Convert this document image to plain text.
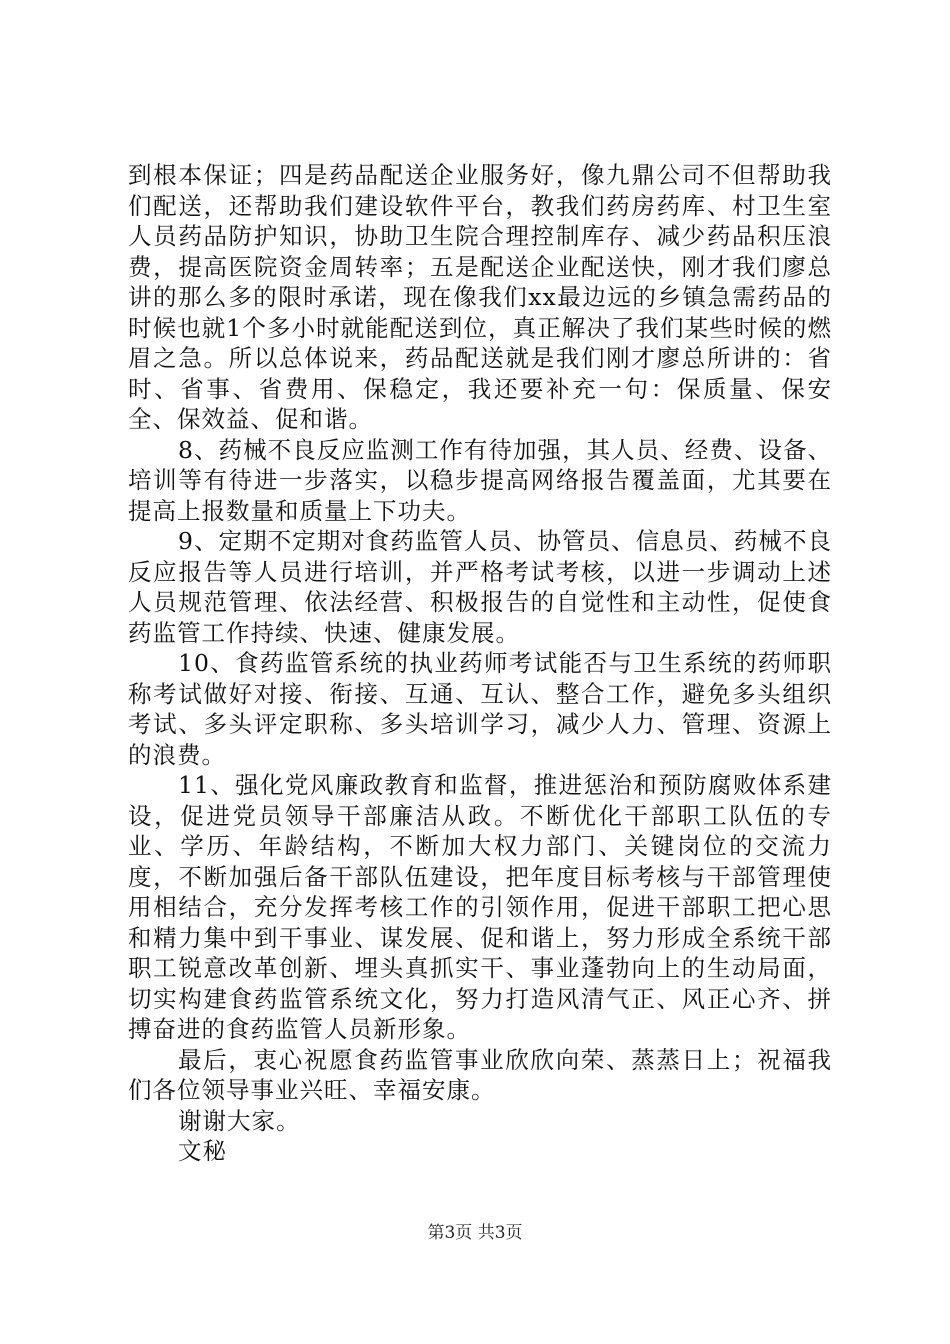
到根本保证；四是药品配送企业服务好，像九鼎公司不但帮助我们配送，还帮助我们建设软件平台，教我们药房药库、村卫生室人员药品防护知识，协助卫生院合理控制库存、减少药品积压浪费，提高医院资金周转率；五是配送企业配送快，刚才我们廖总讲的那么多的限时承诺，现在像我们xx最边远的乡镇急需药品的时候也就1个多小时就能配送到位，真正解决了我们某些时候的燃眉之急。所以总体说来，药品配送就是我们刚才廖总所讲的：省时、省事、省费用、保稳定，我还要补充一句：保质量、保安全、保效益、促和谐。

8、药械不良反应监测工作有待加强，其人员、经费、设备、培训等有待进一步落实，以稳步提高网络报告覆盖面，尤其要在提高上报数量和质量上下功夫。

9、定期不定期对食药监管人员、协管员、信息员、药械不良反应报告等人员进行培训，并严格考试考核，以进一步调动上述人员规范管理、依法经营、积极报告的自觉性和主动性，促使食药监管工作持续、快速、健康发展。

10、食药监管系统的执业药师考试能否与卫生系统的药师职称考试做好对接、衔接、互通、互认、整合工作，避免多头组织考试、多头评定职称、多头培训学习，减少人力、管理、资源上的浪费。

11、强化党风廉政教育和监督，推进惩治和预防腐败体系建设，促进党员领导干部廉洁从政。不断优化干部职工队伍的专业、学历、年龄结构，不断加大权力部门、关键岗位的交流力度，不断加强后备干部队伍建设，把年度目标考核与干部管理使用相结合，充分发挥考核工作的引领作用，促进干部职工把心思和精力集中到干事业、谋发展、促和谐上，努力形成全系统干部职工锐意改革创新、埋头真抓实干、事业蓬勃向上的生动局面，切实构建食药监管系统文化，努力打造风清气正、风正心齐、拼搏奋进的食药监管人员新形象。

最后，衷心祝愿食药监管事业欣欣向荣、蒸蒸日上；祝福我们各位领导事业兴旺、幸福安康。

谢谢大家。

文秘

第3页 共3页
